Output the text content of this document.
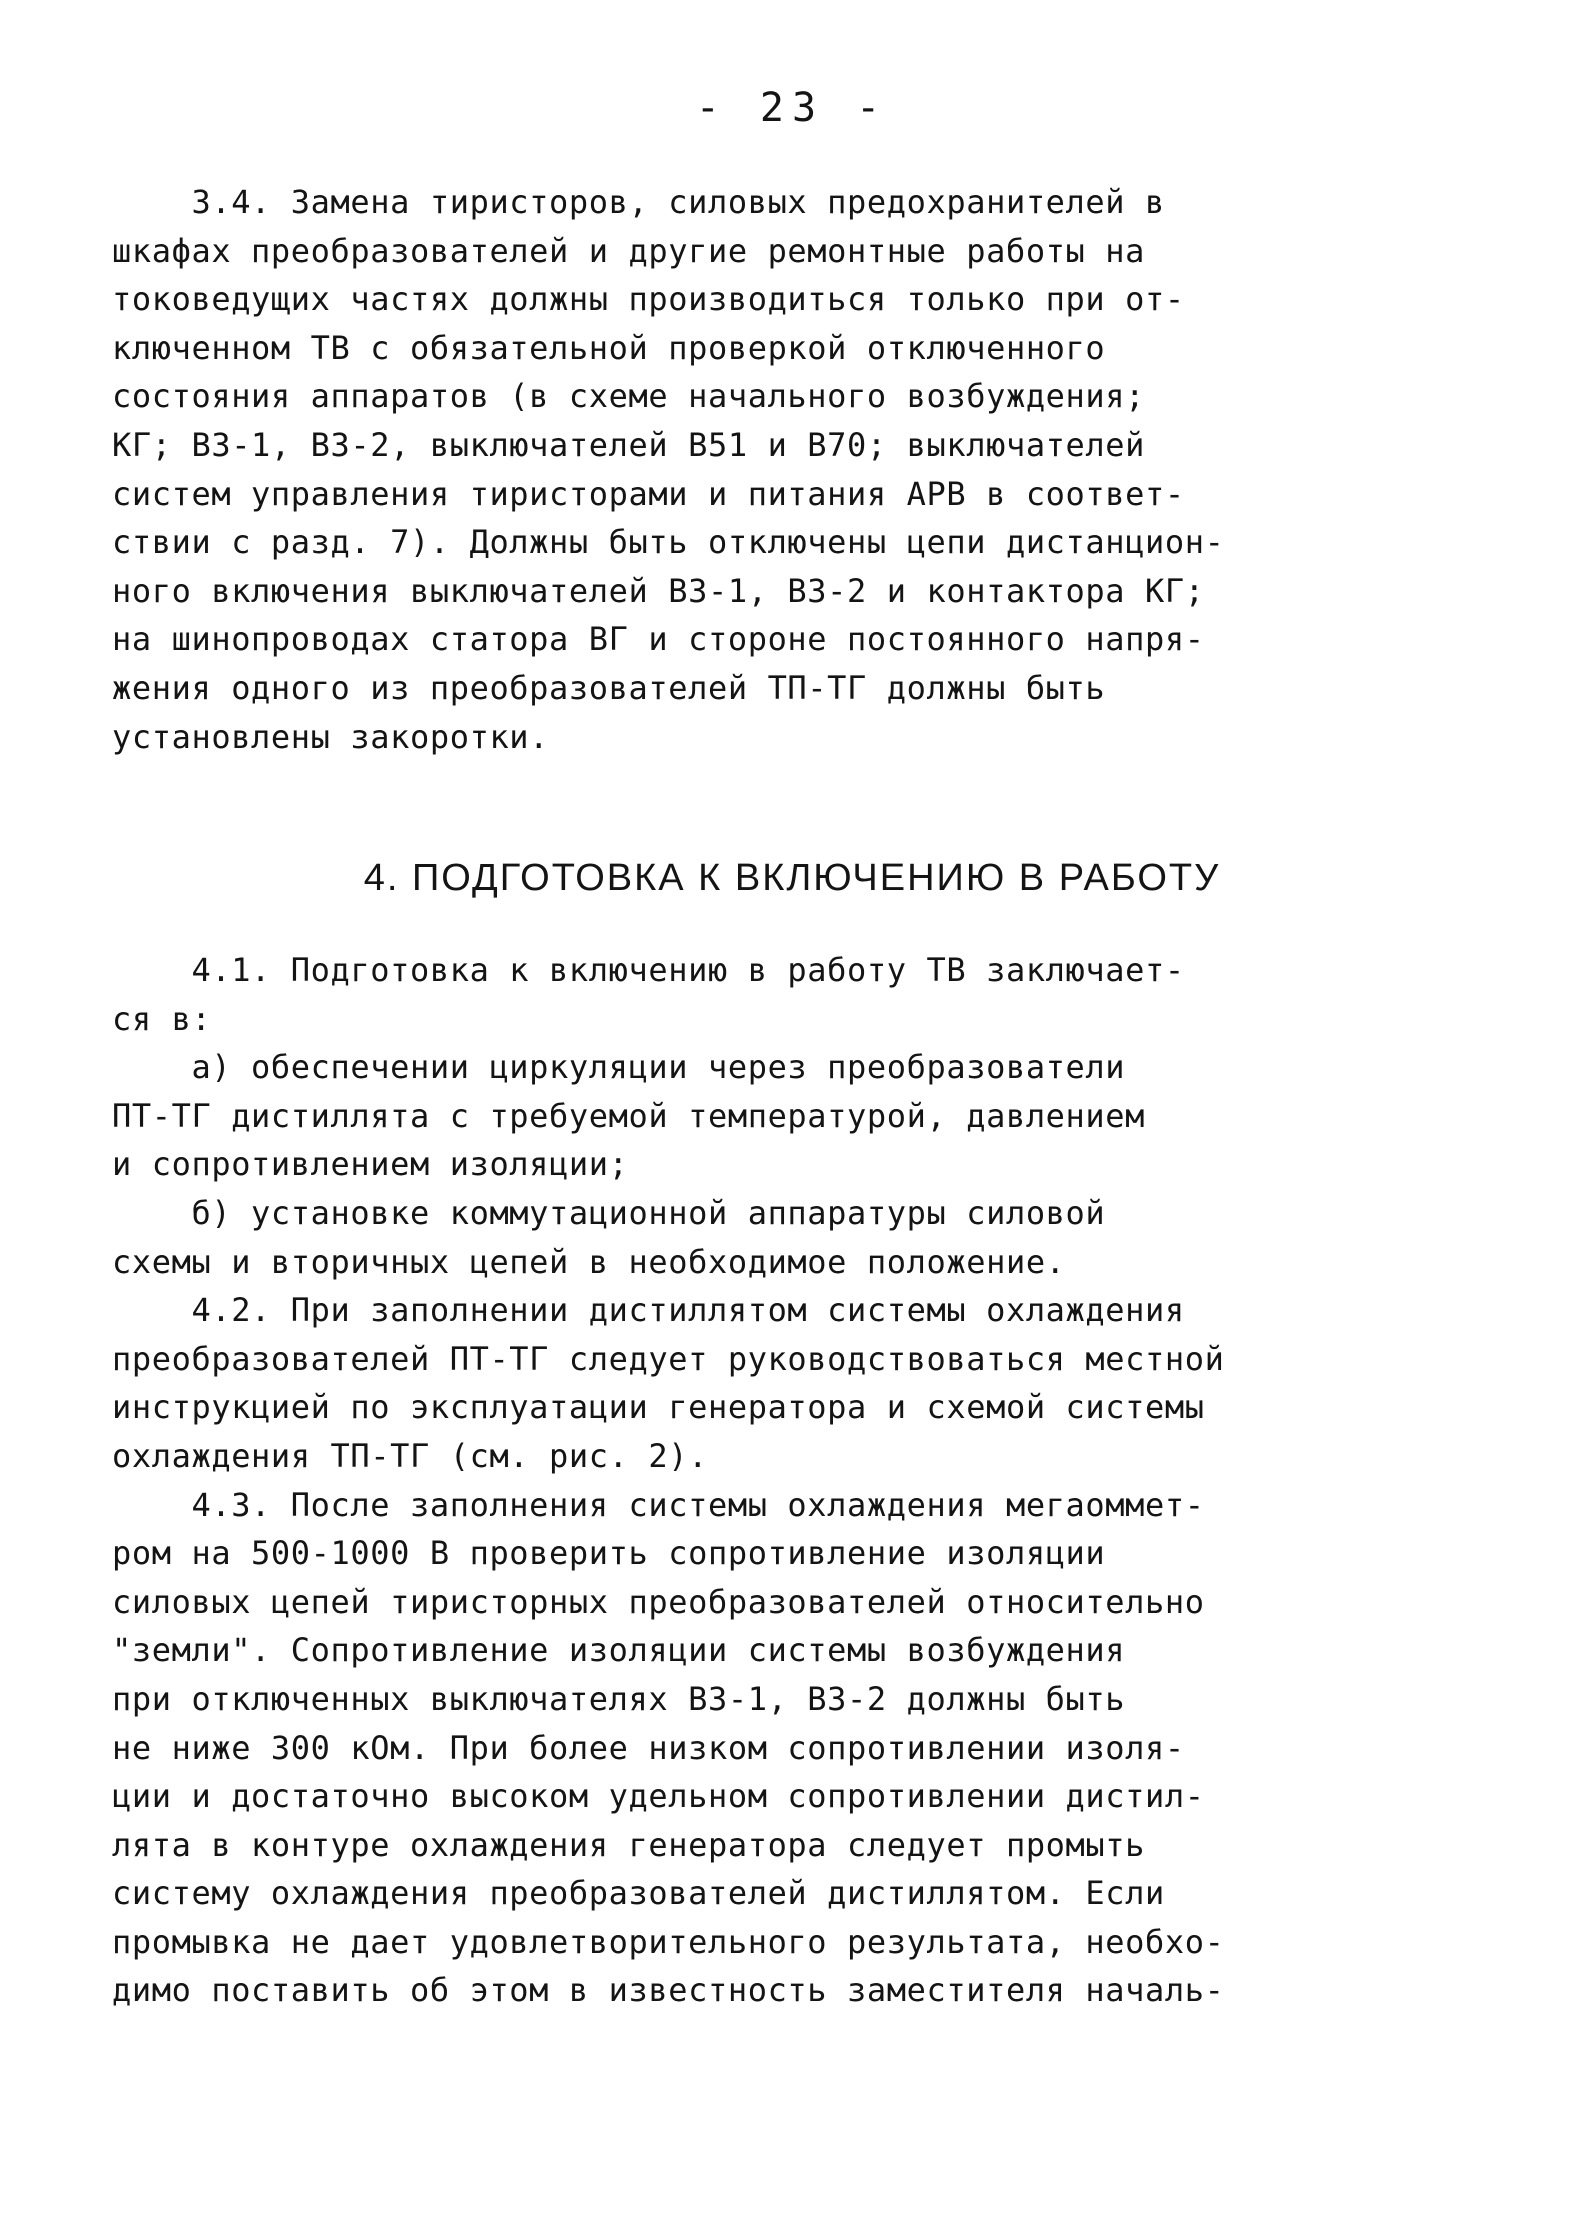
- 23 -
3.4. Замена тиристоров, силовых предохранителей в
шкафах преобразователей и другие ремонтные работы на
токоведущих частях должны производиться только при от-
ключенном ТВ с обязательной проверкой отключенного
состояния аппаратов (в схеме начального возбуждения;
КГ; ВЗ-1, ВЗ-2, выключателей В51 и В70; выключателей
систем управления тиристорами и питания АРВ в соответ-
ствии с разд. 7). Должны быть отключены цепи дистанцион-
ного включения выключателей ВЗ-1, ВЗ-2 и контактора КГ;
на шинопроводах статора ВГ и стороне постоянного напря-
жения одного из преобразователей ТП-ТГ должны быть
установлены закоротки.
4. ПОДГОТОВКА К ВКЛЮЧЕНИЮ В РАБОТУ
4.1. Подготовка к включению в работу ТВ заключает-
ся в:
а) обеспечении циркуляции через преобразователи
ПТ-ТГ дистиллята с требуемой температурой, давлением
и сопротивлением изоляции;
б) установке коммутационной аппаратуры силовой
схемы и вторичных цепей в необходимое положение.
4.2. При заполнении дистиллятом системы охлаждения
преобразователей ПТ-ТГ следует руководствоваться местной
инструкцией по эксплуатации генератора и схемой системы
охлаждения ТП-ТГ (см. рис. 2).
4.3. После заполнения системы охлаждения мегаоммет-
ром на 500-1000 В проверить сопротивление изоляции
силовых цепей тиристорных преобразователей относительно
"земли". Сопротивление изоляции системы возбуждения
при отключенных выключателях ВЗ-1, ВЗ-2 должны быть
не ниже 300 кОм. При более низком сопротивлении изоля-
ции и достаточно высоком удельном сопротивлении дистил-
лята в контуре охлаждения генератора следует промыть
систему охлаждения преобразователей дистиллятом. Если
промывка не дает удовлетворительного результата, необхо-
димо поставить об этом в известность заместителя началь-
